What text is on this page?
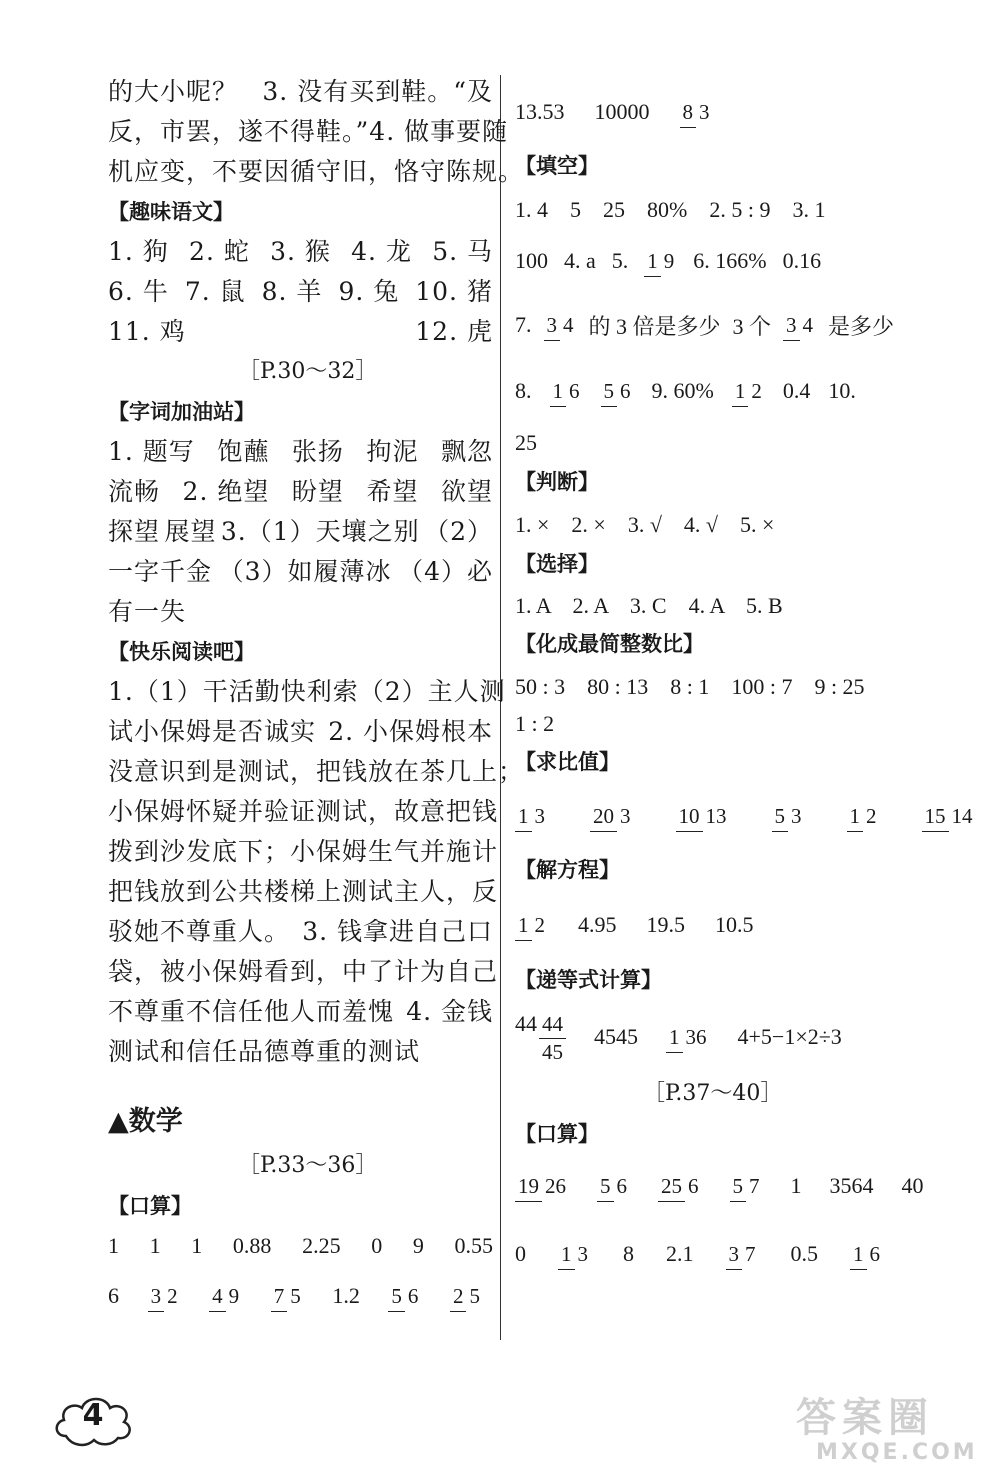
的大小呢？ 3. 没有买到鞋。“及
反，市罢，遂不得鞋。” 4. 做事要随
机应变，不要因循守旧，恪守陈规。
【趣味语文】
1. 狗 2. 蛇 3. 猴 4. 龙 5. 马
6. 牛 7. 鼠 8. 羊 9. 兔 10. 猪
11. 鸡	12. 虎
［P.30～32］
【字词加油站】
1. 题写 饱蘸 张扬 拘泥 飘忽
流畅 2. 绝望 盼望 希望 欲望
探望 展望 3.（1）天壤之别 （2）
一字千金 （3）如履薄冰 （4）必
有一失
【快乐阅读吧】
1.（1）干活勤快利索 （2）主人测
试小保姆是否诚实 2. 小保姆根本
没意识到是测试，把钱放在茶几上；
小保姆怀疑并验证测试，故意把钱
拨到沙发底下；小保姆生气并施计
把钱放到公共楼梯上测试主人，反
驳她不尊重人。 3. 钱拿进自己口
袋，被小保姆看到，中了计 为自己
不尊重不信任他人而羞愧 4. 金钱
测试和信任品德尊重的测试
▲数学
［P.33～36］
【口算】
1 1 1 0.88 2.25 0 9 0.55
6 3 2 4 9 7 5 1.2 5 6 2 5
13.53 10000 8 3
【填空】
1. 4　5　25　80%　2. 5 : 9　3. 1
100 4. a 5. 1 9 6. 166% 0.16
7. 3 4 的 3 倍是多少 3 个 3 4 是多少
8. 1 6 5 6 9. 60% 1 2 0.4 10.
25
【判断】
1. ×　2. ×　3. √　4. √　5. ×
【选择】
1. A　2. A　3. C　4. A　5. B
【化成最简整数比】
50 : 3　80 : 13　8 : 1　100 : 7　9 : 25
1 : 2
【求比值】
1 3 20 3 10 13 5 3 1 2 15 14
【解方程】
1 2 4.95 19.5 10.5
【递等式计算】
$44 \frac{44}{45} 4545$ 1 36 4+5−1×2÷3
［P.37～40］
【口算】
19 26 5 6 25 6 5 7 1 3564 40
0 1 3 8 2.1 3 7 0.5 1 6
4	答案圈
MXQE.COM
